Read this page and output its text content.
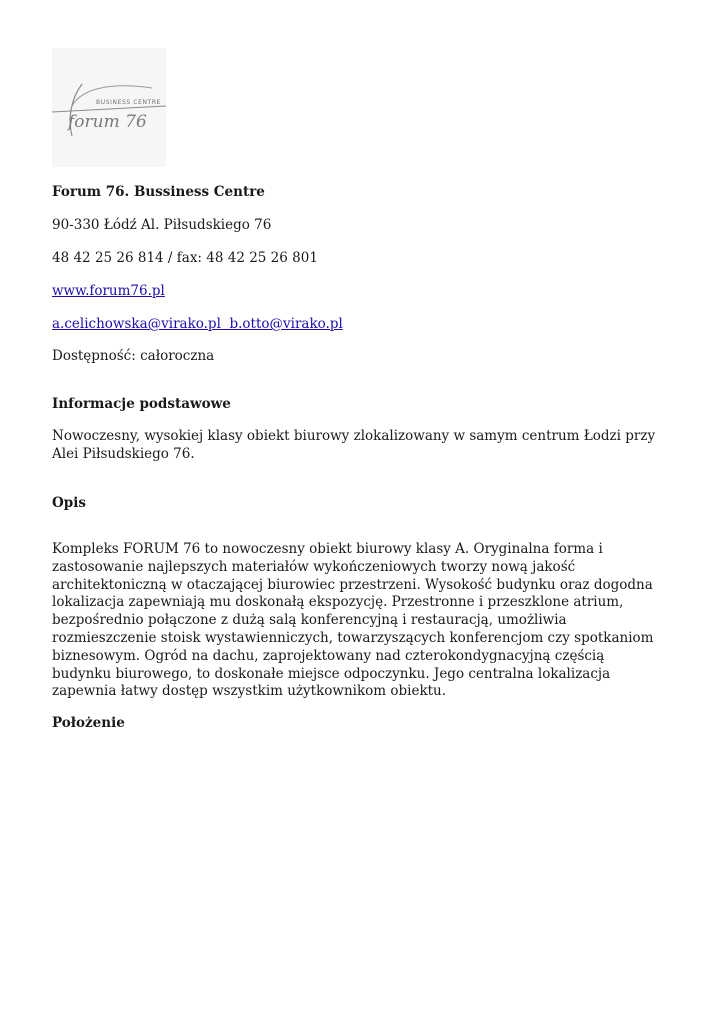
BUSINESS CENTRE
forum 76

Forum 76. Bussiness Centre

90-330 Łódź Al. Piłsudskiego 76

48 42 25 26 814 / fax: 48 42 25 26 801

www.forum76.pl

a.celichowska@virako.pl b.otto@virako.pl

Dostępność: całoroczna

Informacje podstawowe

Nowoczesny, wysokiej klasy obiekt biurowy zlokalizowany w samym centrum Łodzi przy Alei Piłsudskiego 76.

Opis

Kompleks FORUM 76 to nowoczesny obiekt biurowy klasy A. Oryginalna forma i zastosowanie najlepszych materiałów wykończeniowych tworzy nową jakość architektoniczną w otaczającej biurowiec przestrzeni. Wysokość budynku oraz dogodna lokalizacja zapewniają mu doskonałą ekspozycję. Przestronne i przeszklone atrium, bezpośrednio połączone z dużą salą konferencyjną i restauracją, umożliwia rozmieszczenie stoisk wystawienniczych, towarzyszących konferencjom czy spotkaniom biznesowym. Ogród na dachu, zaprojektowany nad czterokondygnacyjną częścią budynku biurowego, to doskonałe miejsce odpoczynku. Jego centralna lokalizacja zapewnia łatwy dostęp wszystkim użytkownikom obiektu.

Położenie
